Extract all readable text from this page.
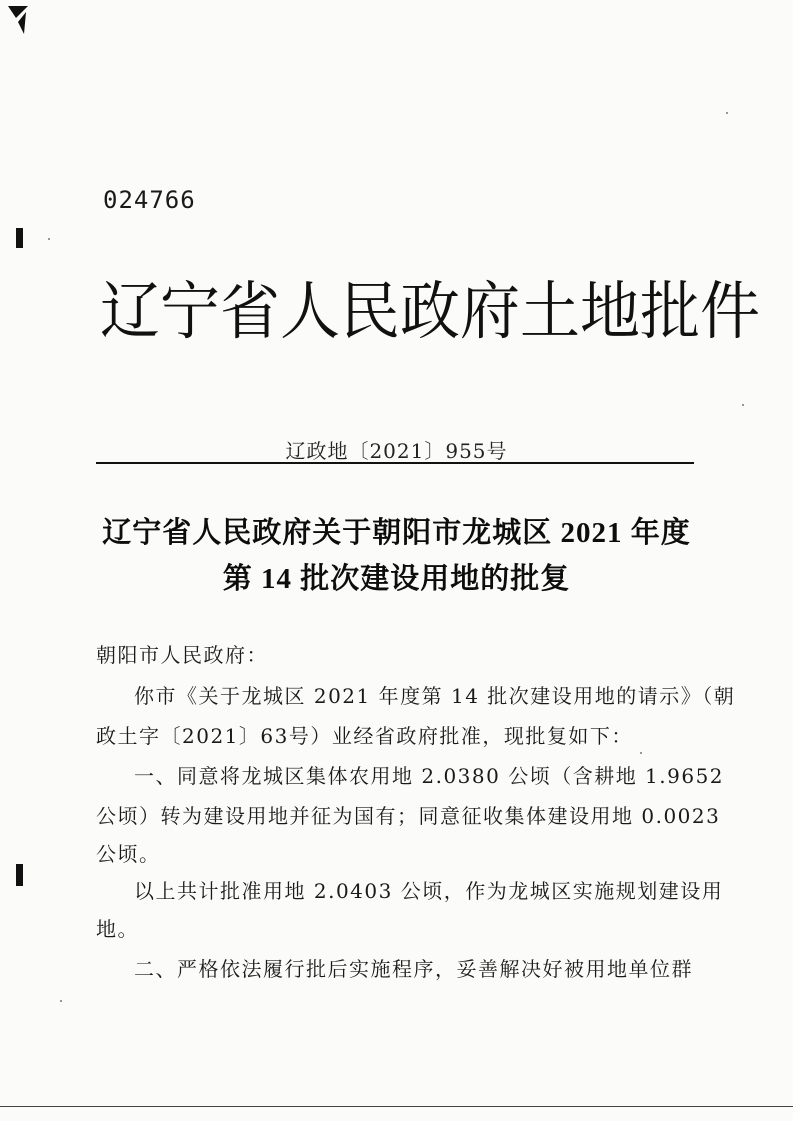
024766
辽 宁 省 人 民 政 府 土 地 批 件
辽政地〔2021〕955号
辽宁省人民政府关于朝阳市龙城区 2021 年度
第 14 批次建设用地的批复
朝阳市人民政府：
你市《关于龙城区 2021 年度第 14 批次建设用地的请示》（朝
政土字〔2021〕63号）业经省政府批准，现批复如下：
一、同意将龙城区集体农用地 2.0380 公顷（含耕地 1.9652
公顷）转为建设用地并征为国有；同意征收集体建设用地 0.0023
公顷。
以上共计批准用地 2.0403 公顷，作为龙城区实施规划建设用
地。
二、严格依法履行批后实施程序，妥善解决好被用地单位群
